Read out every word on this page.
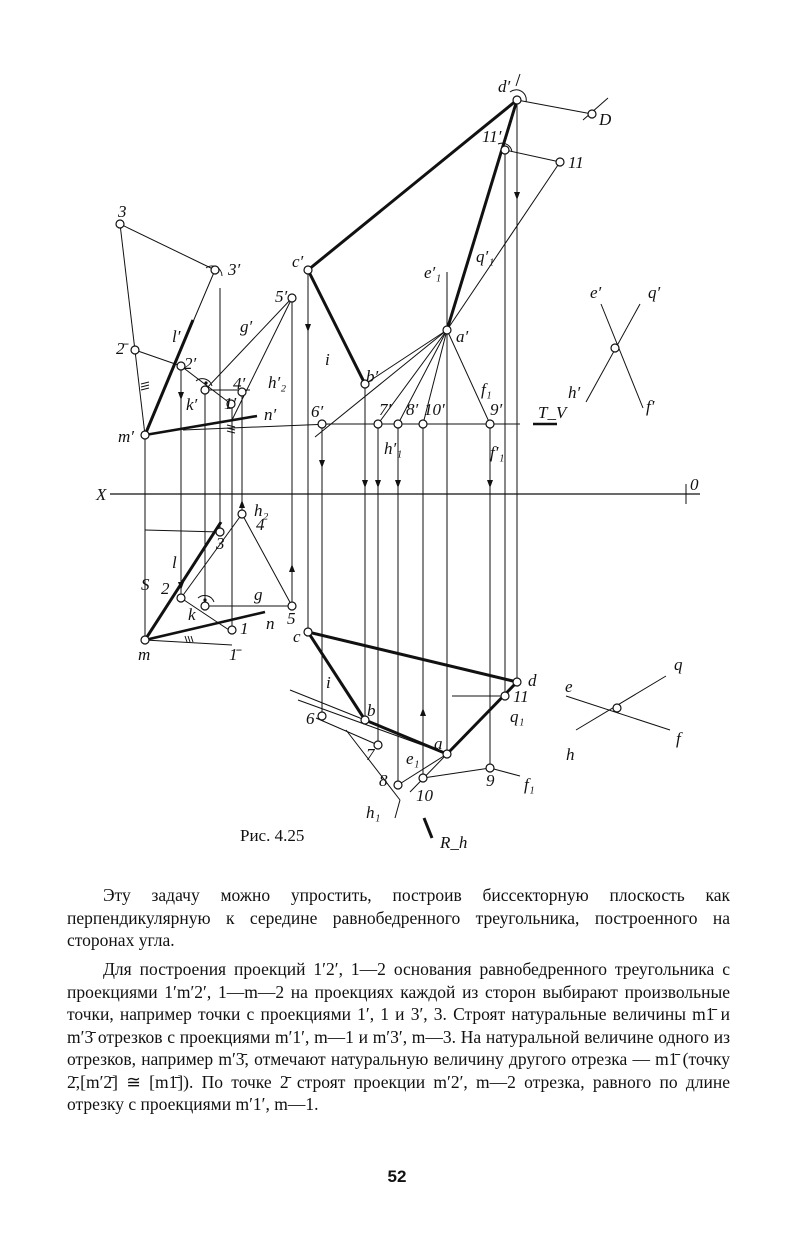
d′
D
11′
11
3
3′	c′
5′
e′₁
q′₁
a′
e′	q′
l′
g′
i
b′
2̄
2′
4′ h′₂
h′
f′
k′ 1′
n′
f₁
6′	7′ 8′ 10′	9′ T_V
m′
h′₁	f′₁
X
0
h₂
4
3
l
S 2	g
k	n
1
5
c
m	1̄
i	d
q
e
11
q₁
6	b
a	f
7 e₁	h
8	9 f₁
10
h₁
R_h
Рис. 4.25

Эту задачу можно упростить, построив биссекторную плоскость как перпендикулярную к середине равнобедренного треугольника, построенного на сторонах угла.

Для построения проекций 1′2′, 1—2 основания равнобедренного треугольника с проекциями 1′m′2′, 1—m—2 на проекциях каждой из сторон выбирают произвольные точки, например точки с проекциями 1′, 1 и 3′, 3. Строят натуральные величины m1̄ и m′3̄ отрезков с проекциями m′1′, m—1 и m′3′, m—3. На натуральной величине одного из отрезков, например m′3̄, отмечают натуральную величину другого отрезка — m1̄ (точку 2̄,[m′2̄] ≅ [m1̄]). По точке 2̄ строят проекции m′2′, m—2 отрезка, равного по длине отрезку с проекциями m′1′, m—1.

52
